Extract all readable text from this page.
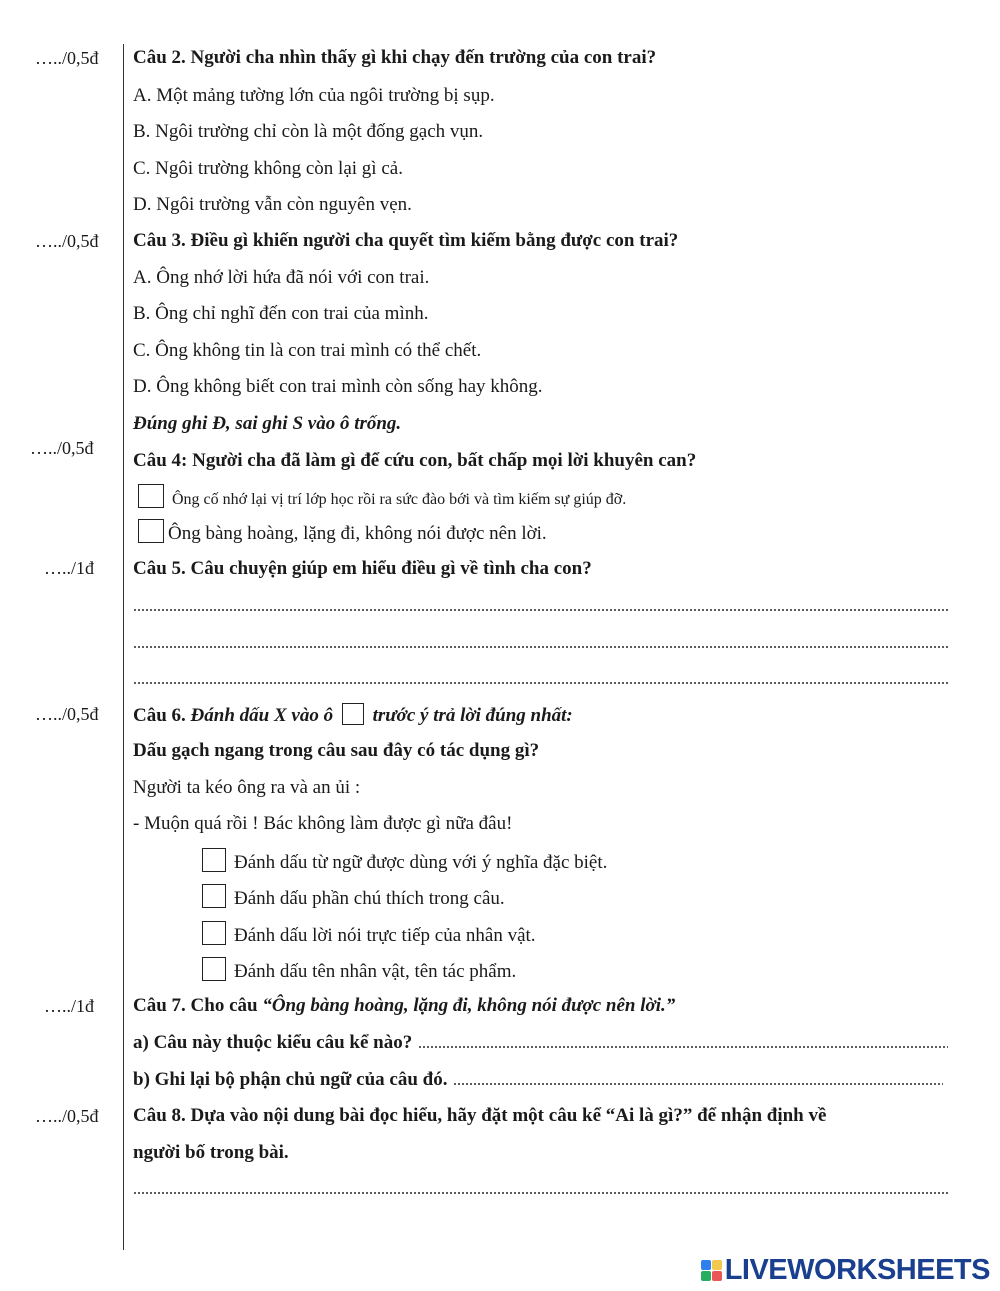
…../0,5đ
…../0,5đ
…../0,5đ
…../1đ
…../0,5đ
…../1đ
…../0,5đ
Câu 2. Người cha nhìn thấy gì khi chạy đến trường của con trai?
A. Một mảng tường lớn của ngôi trường bị sụp.
B. Ngôi trường chỉ còn là một đống gạch vụn.
C. Ngôi trường không còn lại gì cả.
D. Ngôi trường vẫn còn nguyên vẹn.
Câu 3. Điều gì khiến người cha quyết tìm kiếm bằng được con trai?
A. Ông nhớ lời hứa đã nói với con trai.
B. Ông chỉ nghĩ đến con trai của mình.
C. Ông không tin là con trai mình có thể chết.
D. Ông không biết con trai mình còn sống hay không.
Đúng ghi Đ, sai ghi S vào ô trống.
Câu 4: Người cha đã làm gì để cứu con, bất chấp mọi lời khuyên can?
Ông cố nhớ lại vị trí lớp học rồi ra sức đào bới và tìm kiếm sự giúp đỡ.
Ông bàng hoàng, lặng đi, không nói được nên lời.
Câu 5. Câu chuyện giúp em hiểu điều gì về tình cha con?
Câu 6. Đánh dấu X vào ô trước ý trả lời đúng nhất:
Dấu gạch ngang trong câu sau đây có tác dụng gì?
Người ta kéo ông ra và an ủi :
- Muộn quá rồi ! Bác không làm được gì nữa đâu!
Đánh dấu từ ngữ được dùng với ý nghĩa đặc biệt.
Đánh dấu phần chú thích trong câu.
Đánh dấu lời nói trực tiếp của nhân vật.
Đánh dấu tên nhân vật, tên tác phẩm.
Câu 7. Cho câu “Ông bàng hoàng, lặng đi, không nói được nên lời.”
a) Câu này thuộc kiểu câu kể nào?
b) Ghi lại bộ phận chủ ngữ của câu đó.
Câu 8. Dựa vào nội dung bài đọc hiểu, hãy đặt một câu kể “Ai là gì?” để nhận định về
người bố trong bài.
LIVEWORKSHEETS
